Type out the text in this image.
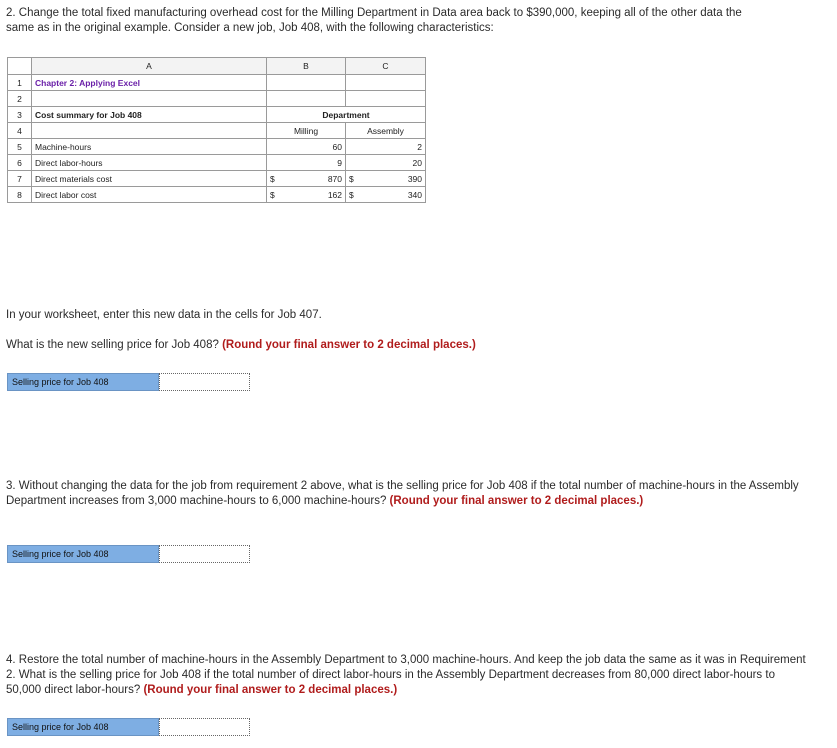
2. Change the total fixed manufacturing overhead cost for the Milling Department in Data area back to $390,000, keeping all of the other data the same as in the original example. Consider a new job, Job 408, with the following characteristics:
	A	B	C
1	Chapter 2: Applying Excel		
2			
3	Cost summary for Job 408	Department	
4		Milling	Assembly
5	Machine-hours	60	2

6	Direct labor-hours	9	20

7	Direct materials cost	$ 870	$ 390

8	Direct labor cost	$ 162	$ 340
In your worksheet, enter this new data in the cells for Job 407.
What is the new selling price for Job 408? (Round your final answer to 2 decimal places.)
Selling price for Job 408
3. Without changing the data for the job from requirement 2 above, what is the selling price for Job 408 if the total number of machine-hours in the Assembly Department increases from 3,000 machine-hours to 6,000 machine-hours? (Round your final answer to 2 decimal places.)
Selling price for Job 408
4. Restore the total number of machine-hours in the Assembly Department to 3,000 machine-hours. And keep the job data the same as it was in Requirement 2. What is the selling price for Job 408 if the total number of direct labor-hours in the Assembly Department decreases from 80,000 direct labor-hours to 50,000 direct labor-hours? (Round your final answer to 2 decimal places.)
Selling price for Job 408
